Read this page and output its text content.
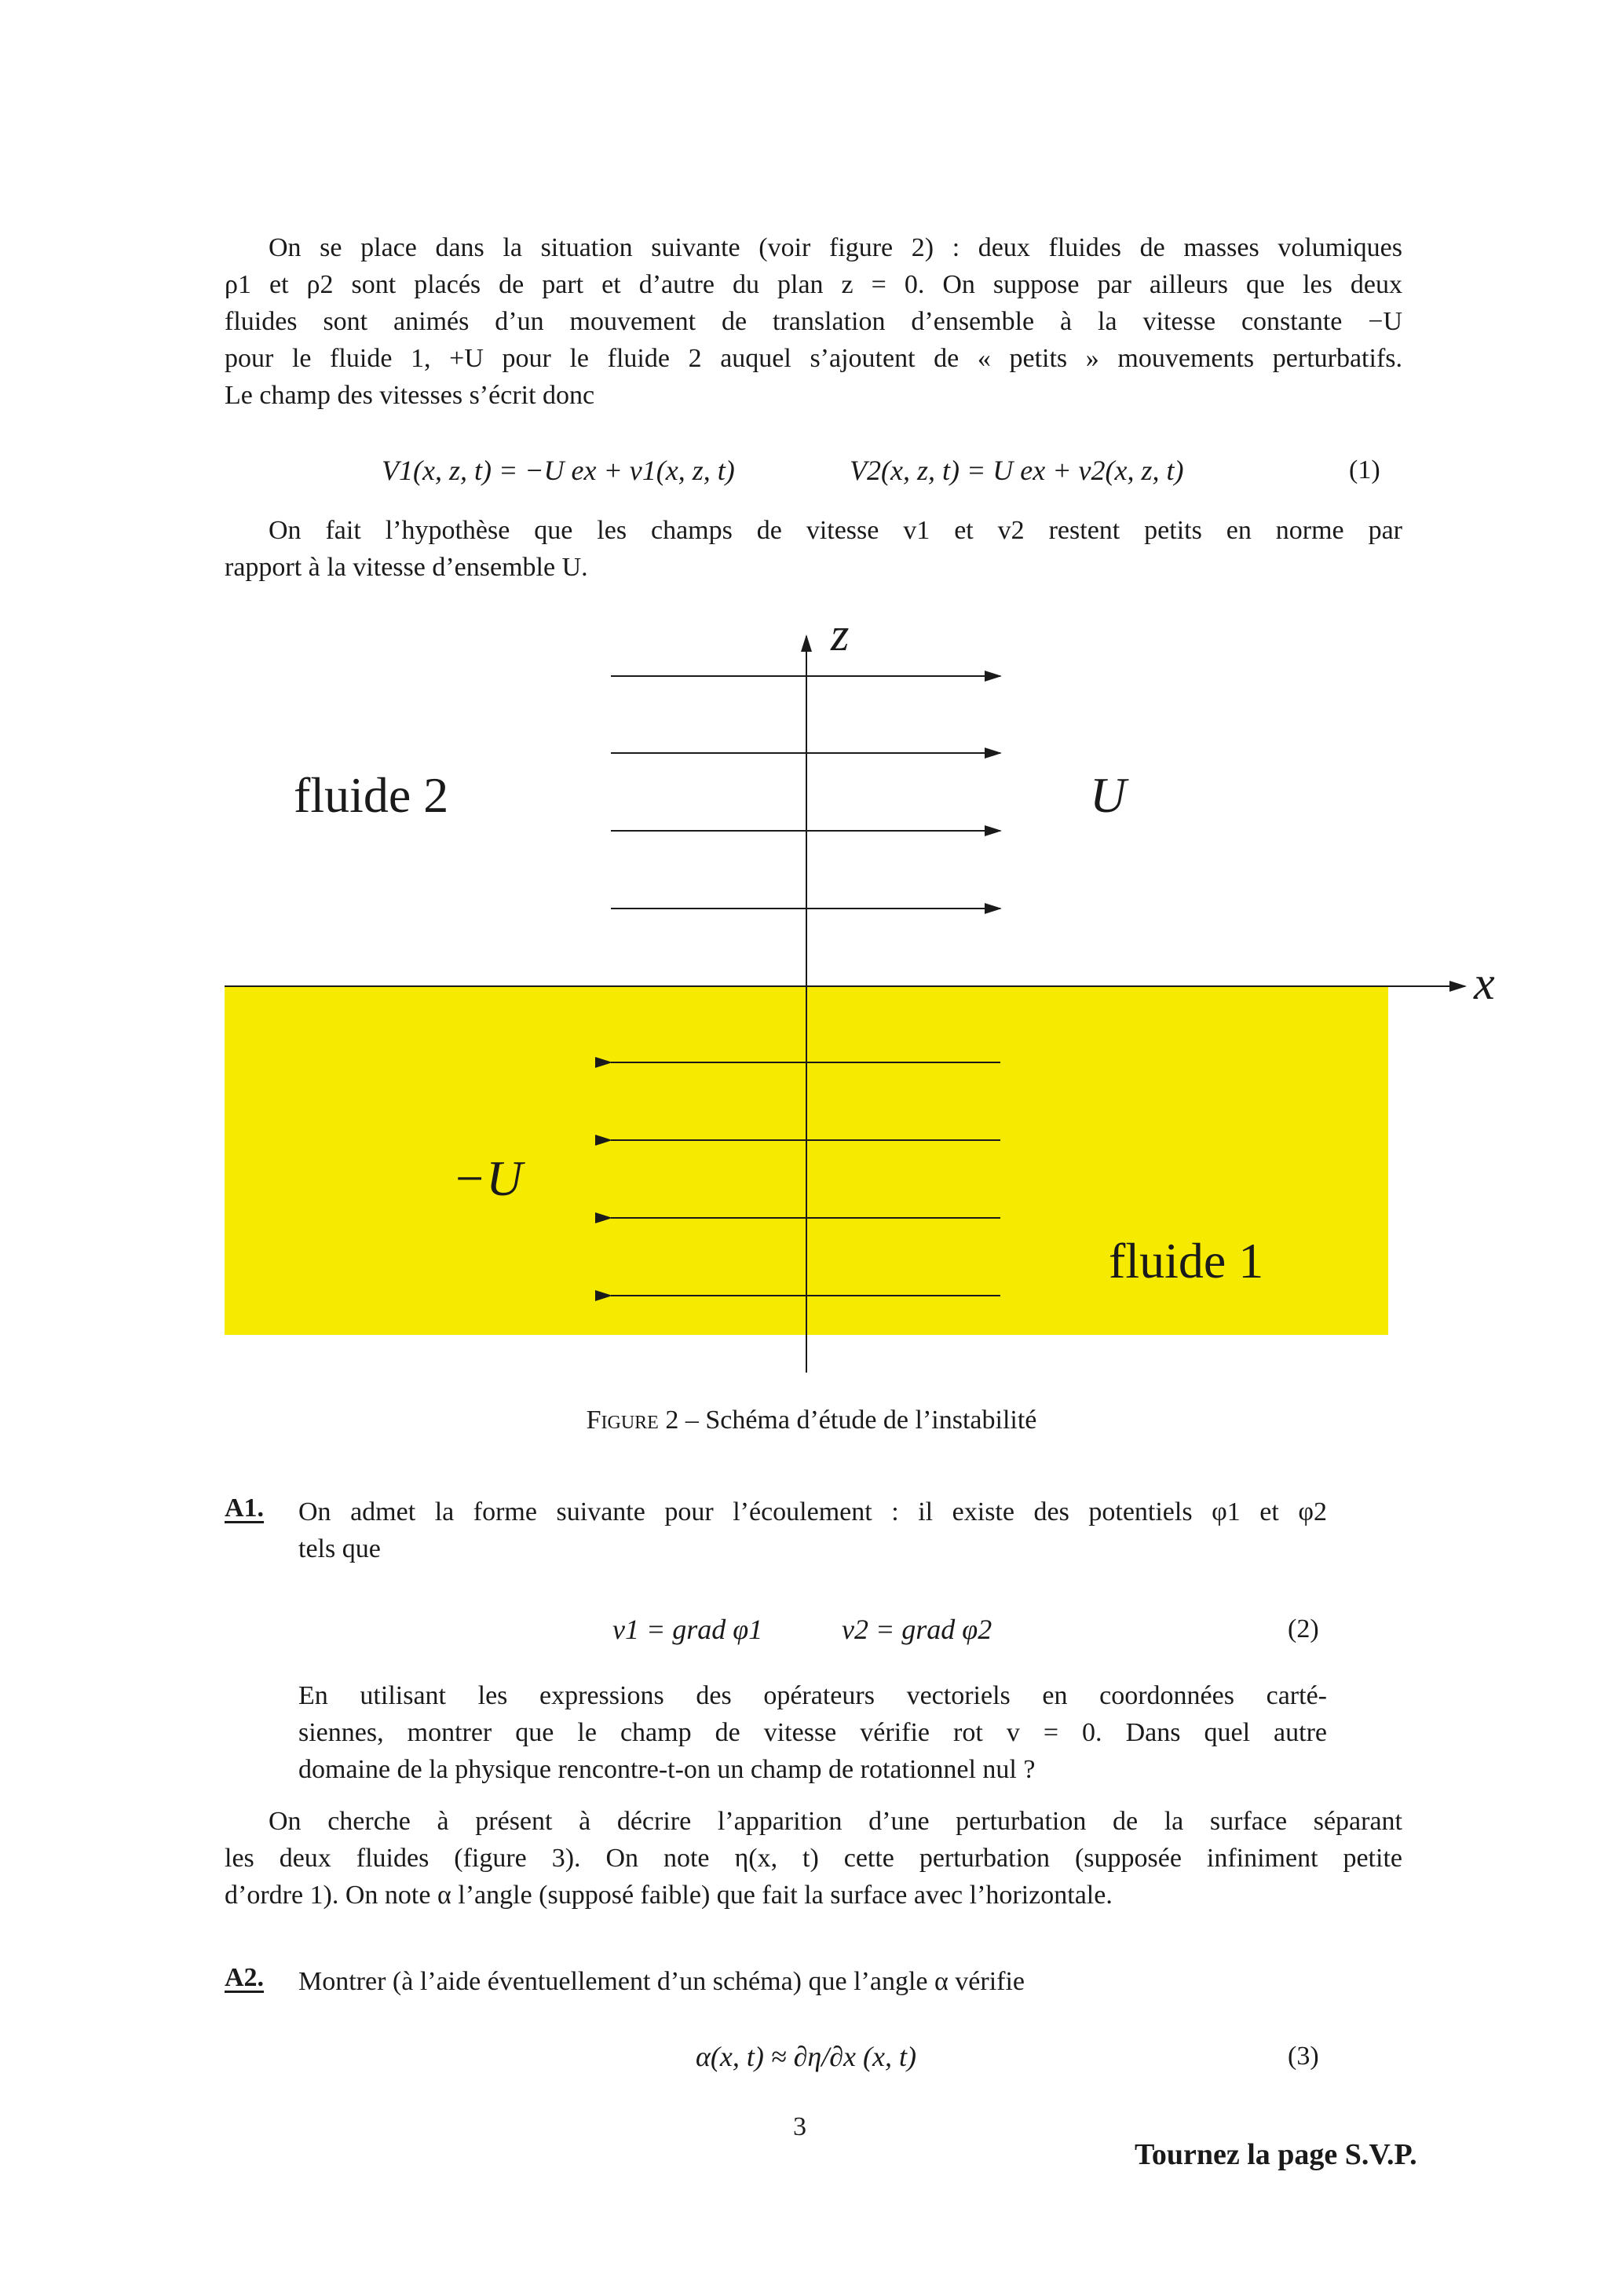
On se place dans la situation suivante (voir figure 2) : deux fluides de masses volumiques
ρ1 et ρ2 sont placés de part et d’autre du plan z = 0. On suppose par ailleurs que les deux
fluides sont animés d’un mouvement de translation d’ensemble à la vitesse constante −U
pour le fluide 1, +U pour le fluide 2 auquel s’ajoutent de « petits » mouvements perturbatifs.
Le champ des vitesses s’écrit donc
V1(x, z, t) = −U ex + v1(x, z, t)	V2(x, z, t) = U ex + v2(x, z, t)	(1)
On fait l’hypothèse que les champs de vitesse v1 et v2 restent petits en norme par
rapport à la vitesse d’ensemble U.
z
x
fluide 2
fluide 1
U
−U
Figure 2 – Schéma d’étude de l’instabilité
A1. On admet la forme suivante pour l’écoulement : il existe des potentiels φ1 et φ2
tels que
v1 = grad φ1	v2 = grad φ2	(2)
En utilisant les expressions des opérateurs vectoriels en coordonnées carté-
siennes, montrer que le champ de vitesse vérifie rot v = 0. Dans quel autre
domaine de la physique rencontre-t-on un champ de rotationnel nul ?
On cherche à présent à décrire l’apparition d’une perturbation de la surface séparant
les deux fluides (figure 3). On note η(x, t) cette perturbation (supposée infiniment petite
d’ordre 1). On note α l’angle (supposé faible) que fait la surface avec l’horizontale.
A2. Montrer (à l’aide éventuellement d’un schéma) que l’angle α vérifie
α(x, t) ≈ ∂η/∂x (x, t)	(3)
3
Tournez la page S.V.P.
